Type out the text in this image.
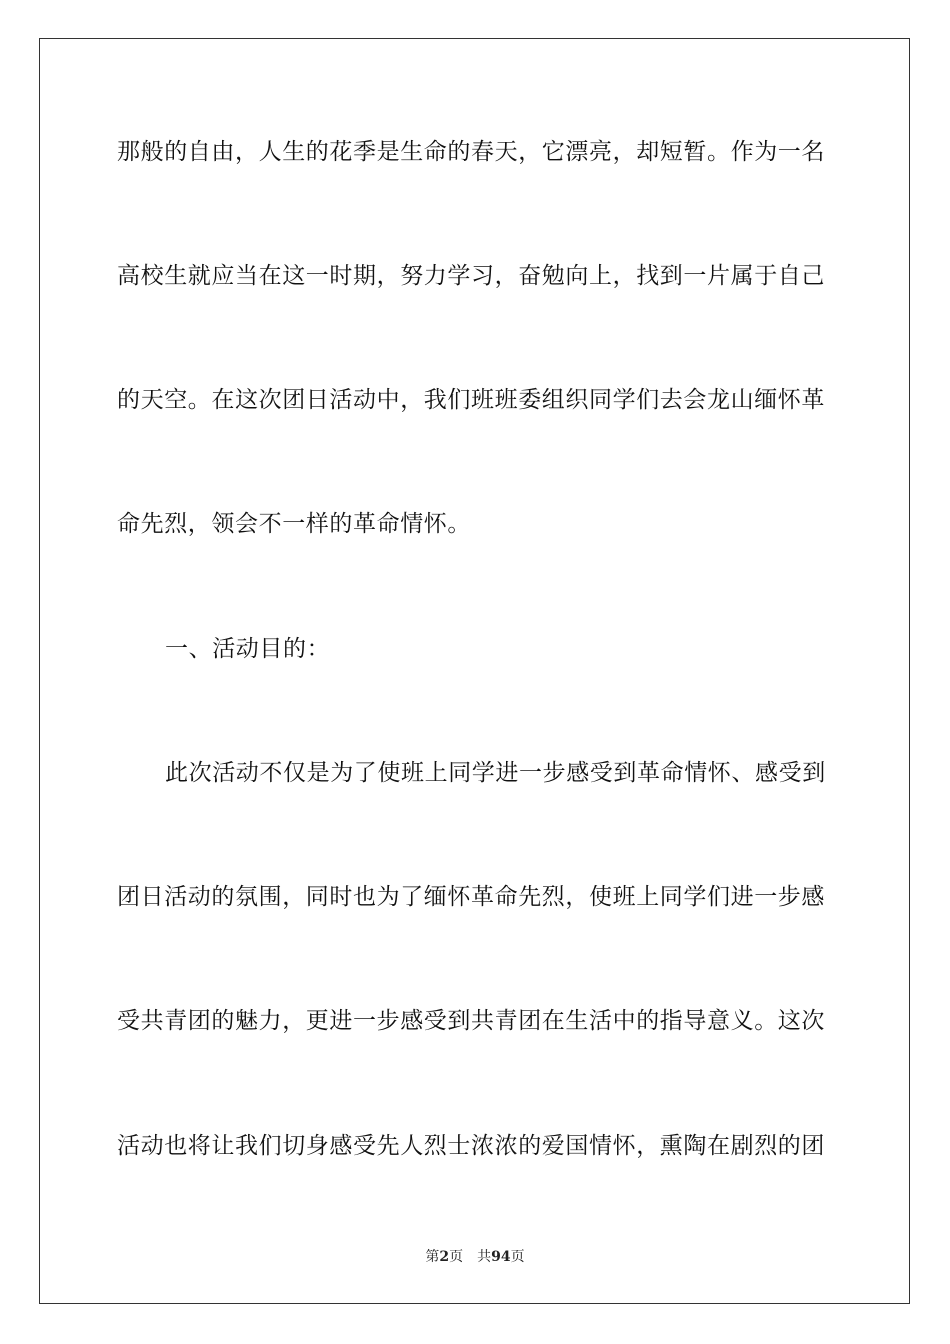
那般的自由，人生的花季是生命的春天，它漂亮，却短暂。作为一名
高校生就应当在这一时期，努力学习，奋勉向上，找到一片属于自己
的天空。在这次团日活动中，我们班班委组织同学们去会龙山缅怀革
命先烈，领会不一样的革命情怀。
一、活动目的：
此次活动不仅是为了使班上同学进一步感受到革命情怀、感受到
团日活动的氛围，同时也为了缅怀革命先烈，使班上同学们进一步感
受共青团的魅力，更进一步感受到共青团在生活中的指导意义。这次
活动也将让我们切身感受先人烈士浓浓的爱国情怀，熏陶在剧烈的团
第2页 共94页
